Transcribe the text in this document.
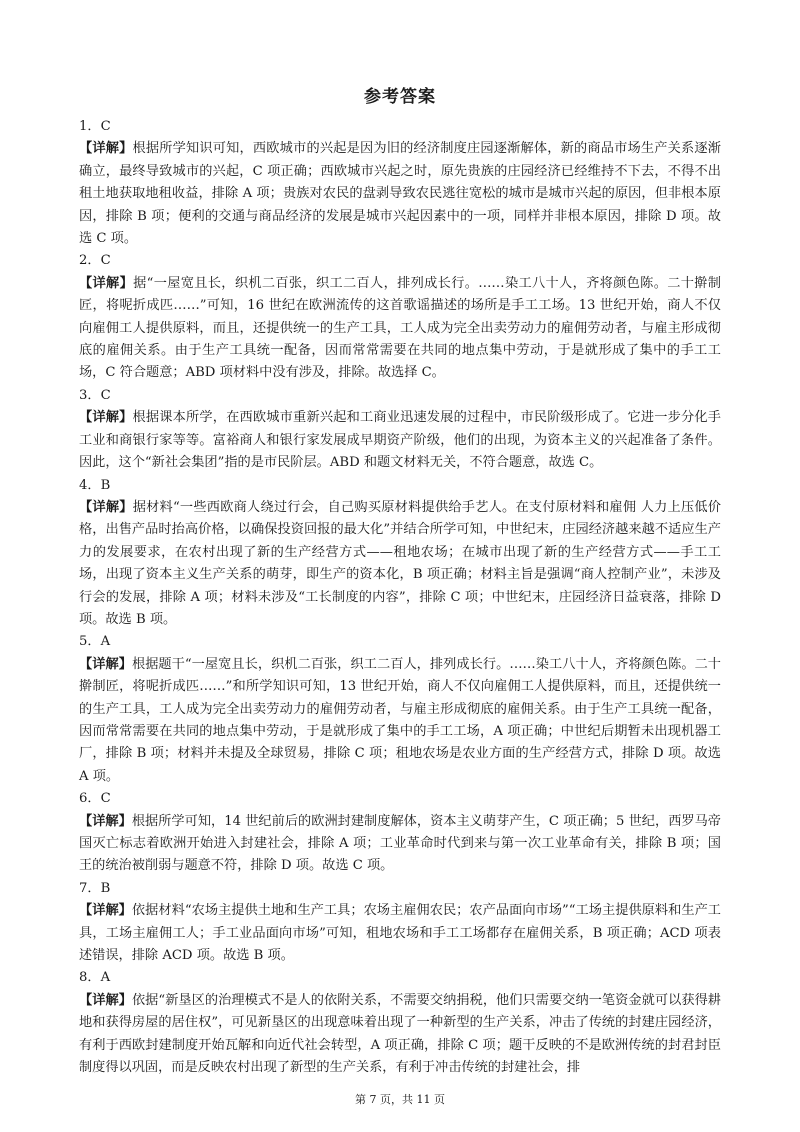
参考答案
1．C
【详解】根据所学知识可知，西欧城市的兴起是因为旧的经济制度庄园逐渐解体，新的商品市场生产关系逐渐确立，最终导致城市的兴起，C 项正确；西欧城市兴起之时，原先贵族的庄园经济已经维持不下去，不得不出租土地获取地租收益，排除 A 项；贵族对农民的盘剥导致农民逃往宽松的城市是城市兴起的原因，但非根本原因，排除 B 项；便利的交通与商品经济的发展是城市兴起因素中的一项，同样并非根本原因，排除 D 项。故选 C 项。
2．C
【详解】据“一屋宽且长，织机二百张，织工二百人，排列成长行。……染工八十人，齐将颜色陈。二十擀制匠，将呢折成匹……”可知，16 世纪在欧洲流传的这首歌谣描述的场所是手工工场。13 世纪开始，商人不仅向雇佣工人提供原料，而且，还提供统一的生产工具，工人成为完全出卖劳动力的雇佣劳动者，与雇主形成彻底的雇佣关系。由于生产工具统一配备，因而常常需要在共同的地点集中劳动，于是就形成了集中的手工工场，C 符合题意；ABD 项材料中没有涉及，排除。故选择 C。
3．C
【详解】根据课本所学，在西欧城市重新兴起和工商业迅速发展的过程中，市民阶级形成了。它进一步分化手工业和商银行家等等。富裕商人和银行家发展成早期资产阶级，他们的出现，为资本主义的兴起准备了条件。因此，这个“新社会集团”指的是市民阶层。ABD 和题文材料无关，不符合题意，故选 C。
4．B
【详解】据材料“一些西欧商人绕过行会，自己购买原材料提供给手艺人。在支付原材料和雇佣 人力上压低价格，出售产品时抬高价格，以确保投资回报的最大化”并结合所学可知，中世纪末，庄园经济越来越不适应生产力的发展要求，在农村出现了新的生产经营方式——租地农场；在城市出现了新的生产经营方式——手工工场，出现了资本主义生产关系的萌芽，即生产的资本化，B 项正确；材料主旨是强调“商人控制产业”，未涉及行会的发展，排除 A 项；材料未涉及“工长制度的内容”，排除 C 项；中世纪末，庄园经济日益衰落，排除 D 项。故选 B 项。
5．A
【详解】根据题干“一屋宽且长，织机二百张，织工二百人，排列成长行。……染工八十人，齐将颜色陈。二十擀制匠，将呢折成匹……”和所学知识可知，13 世纪开始，商人不仅向雇佣工人提供原料，而且，还提供统一的生产工具，工人成为完全出卖劳动力的雇佣劳动者，与雇主形成彻底的雇佣关系。由于生产工具统一配备，因而常常需要在共同的地点集中劳动，于是就形成了集中的手工工场，A 项正确；中世纪后期暂未出现机器工厂，排除 B 项；材料并未提及全球贸易，排除 C 项；租地农场是农业方面的生产经营方式，排除 D 项。故选 A 项。
6．C
【详解】根据所学可知，14 世纪前后的欧洲封建制度解体，资本主义萌芽产生，C 项正确；5 世纪，西罗马帝国灭亡标志着欧洲开始进入封建社会，排除 A 项；工业革命时代到来与第一次工业革命有关，排除 B 项；国王的统治被削弱与题意不符，排除 D 项。故选 C 项。
7．B
【详解】依据材料“农场主提供土地和生产工具；农场主雇佣农民；农产品面向市场”“工场主提供原料和生产工具，工场主雇佣工人；手工业品面向市场”可知，租地农场和手工工场都存在雇佣关系，B 项正确；ACD 项表述错误，排除 ACD 项。故选 B 项。
8．A
【详解】依据“新垦区的治理模式不是人的依附关系，不需要交纳捐税，他们只需要交纳一笔资金就可以获得耕地和获得房屋的居住权”，可见新垦区的出现意味着出现了一种新型的生产关系，冲击了传统的封建庄园经济，有利于西欧封建制度开始瓦解和向近代社会转型，A 项正确，排除 C 项；题干反映的不是欧洲传统的封君封臣制度得以巩固，而是反映农村出现了新型的生产关系，有利于冲击传统的封建社会，排
第 7 页，共 11 页
